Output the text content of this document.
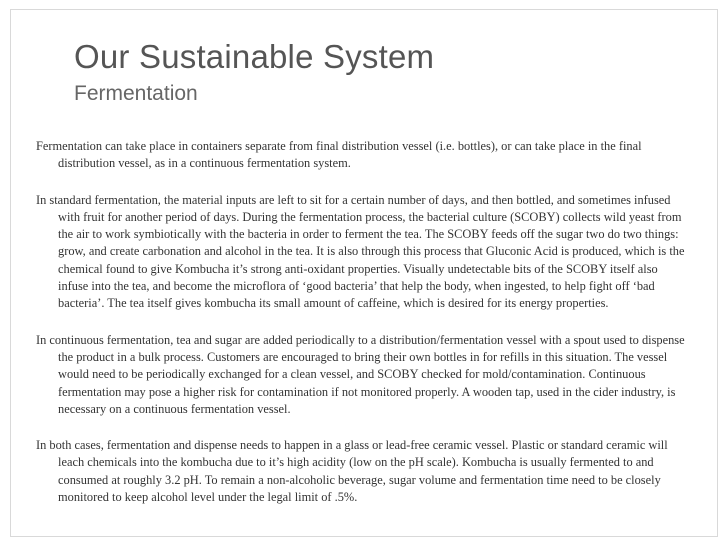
Our Sustainable System
Fermentation

Fermentation can take place in containers separate from final distribution vessel (i.e. bottles), or can take place in the final distribution vessel, as in a continuous fermentation system.

In standard fermentation, the material inputs are left to sit for a certain number of days, and then bottled, and sometimes infused with fruit for another period of days. During the fermentation process, the bacterial culture (SCOBY) collects wild yeast from the air to work symbiotically with the bacteria in order to ferment the tea. The SCOBY feeds off the sugar two do two things: grow, and create carbonation and alcohol in the tea. It is also through this process that Gluconic Acid is produced, which is the chemical found to give Kombucha it’s strong anti-oxidant properties. Visually undetectable bits of the SCOBY itself also infuse into the tea, and become the microflora of ‘good bacteria’ that help the body, when ingested, to help fight off ‘bad bacteria’. The tea itself gives kombucha its small amount of caffeine, which is desired for its energy properties.

In continuous fermentation, tea and sugar are added periodically to a distribution/fermentation vessel with a spout used to dispense the product in a bulk process. Customers are encouraged to bring their own bottles in for refills in this situation. The vessel would need to be periodically exchanged for a clean vessel, and SCOBY checked for mold/contamination. Continuous fermentation may pose a higher risk for contamination if not monitored properly. A wooden tap, used in the cider industry, is necessary on a continuous fermentation vessel.

In both cases, fermentation and dispense needs to happen in a glass or lead-free ceramic vessel. Plastic or standard ceramic will leach chemicals into the kombucha due to it’s high acidity (low on the pH scale). Kombucha is usually fermented to and consumed at roughly 3.2 pH. To remain a non-alcoholic beverage, sugar volume and fermentation time need to be closely monitored to keep alcohol level under the legal limit of .5%.
